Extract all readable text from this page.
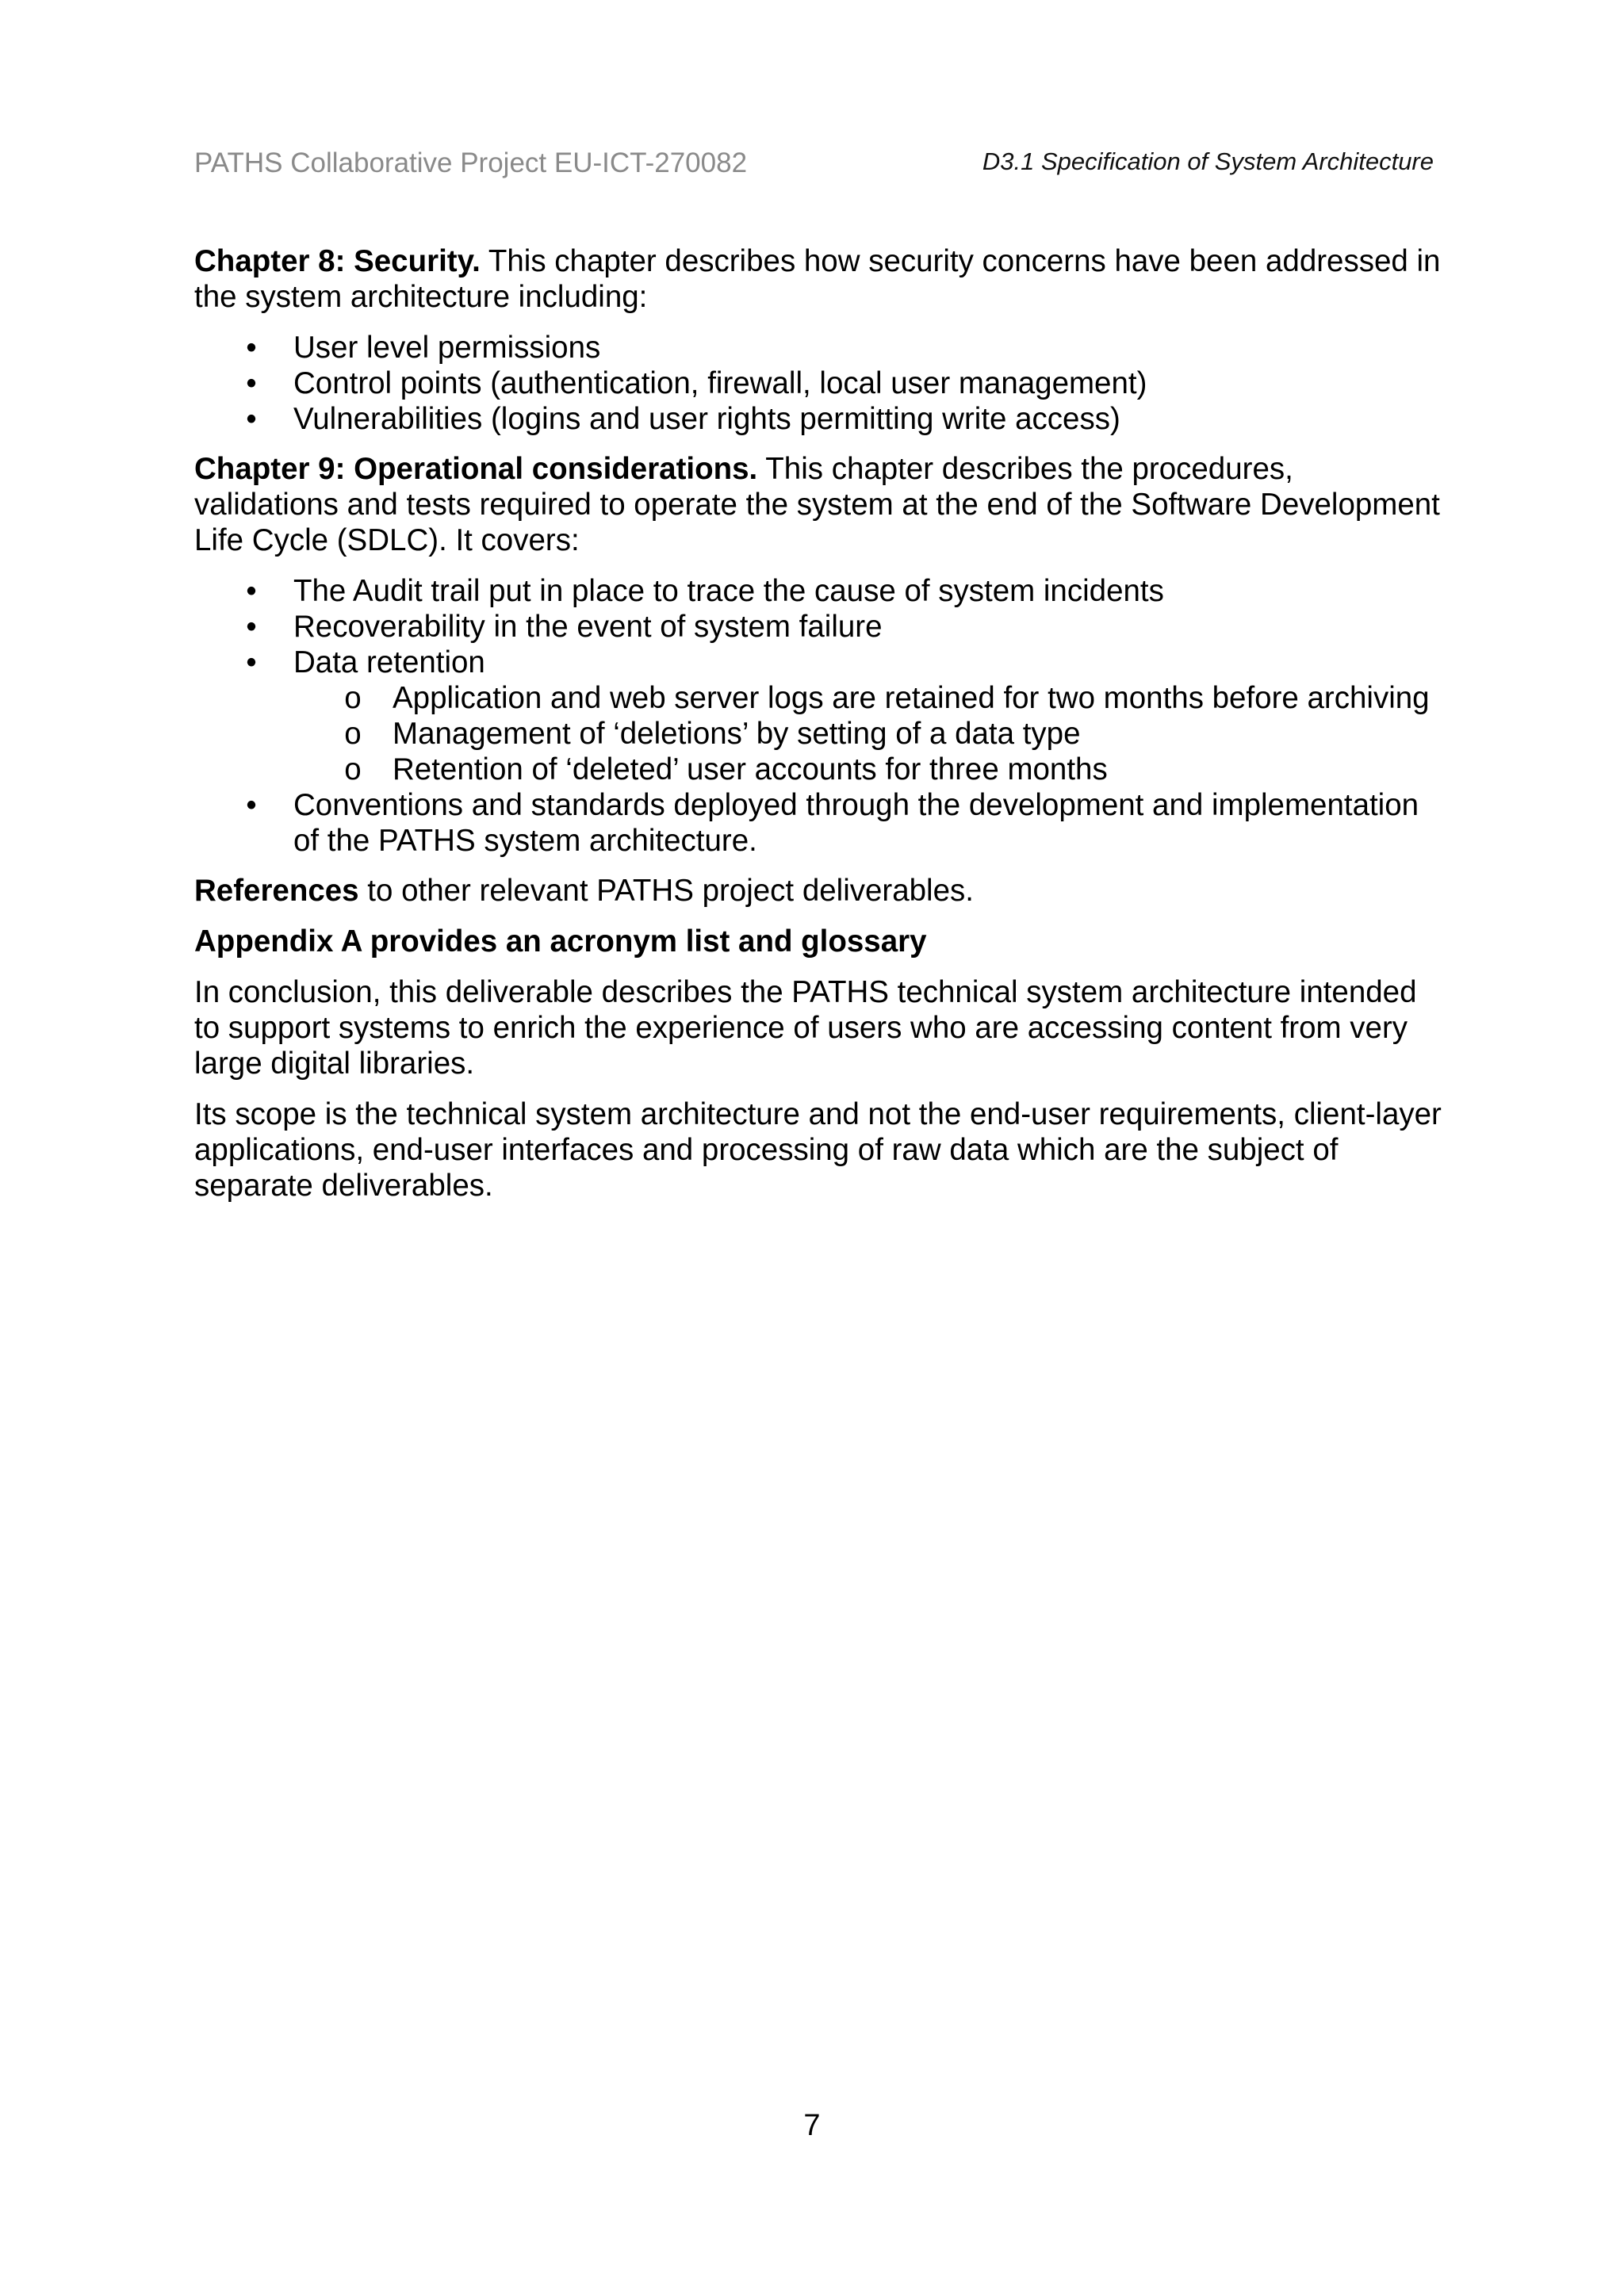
PATHS Collaborative Project EU-ICT-270082	D3.1 Specification of System Architecture

Chapter 8: Security. This chapter describes how security concerns have been addressed in the system architecture including:

• User level permissions
• Control points (authentication, firewall, local user management)
• Vulnerabilities (logins and user rights permitting write access)

Chapter 9: Operational considerations. This chapter describes the procedures, validations and tests required to operate the system at the end of the Software Development Life Cycle (SDLC). It covers:

• The Audit trail put in place to trace the cause of system incidents
• Recoverability in the event of system failure
• Data retention
o Application and web server logs are retained for two months before archiving
o Management of ‘deletions’ by setting of a data type
o Retention of ‘deleted’ user accounts for three months
• Conventions and standards deployed through the development and implementation of the PATHS system architecture.

References to other relevant PATHS project deliverables.

Appendix A provides an acronym list and glossary

In conclusion, this deliverable describes the PATHS technical system architecture intended to support systems to enrich the experience of users who are accessing content from very large digital libraries.

Its scope is the technical system architecture and not the end-user requirements, client-layer applications, end-user interfaces and processing of raw data which are the subject of separate deliverables.

7
